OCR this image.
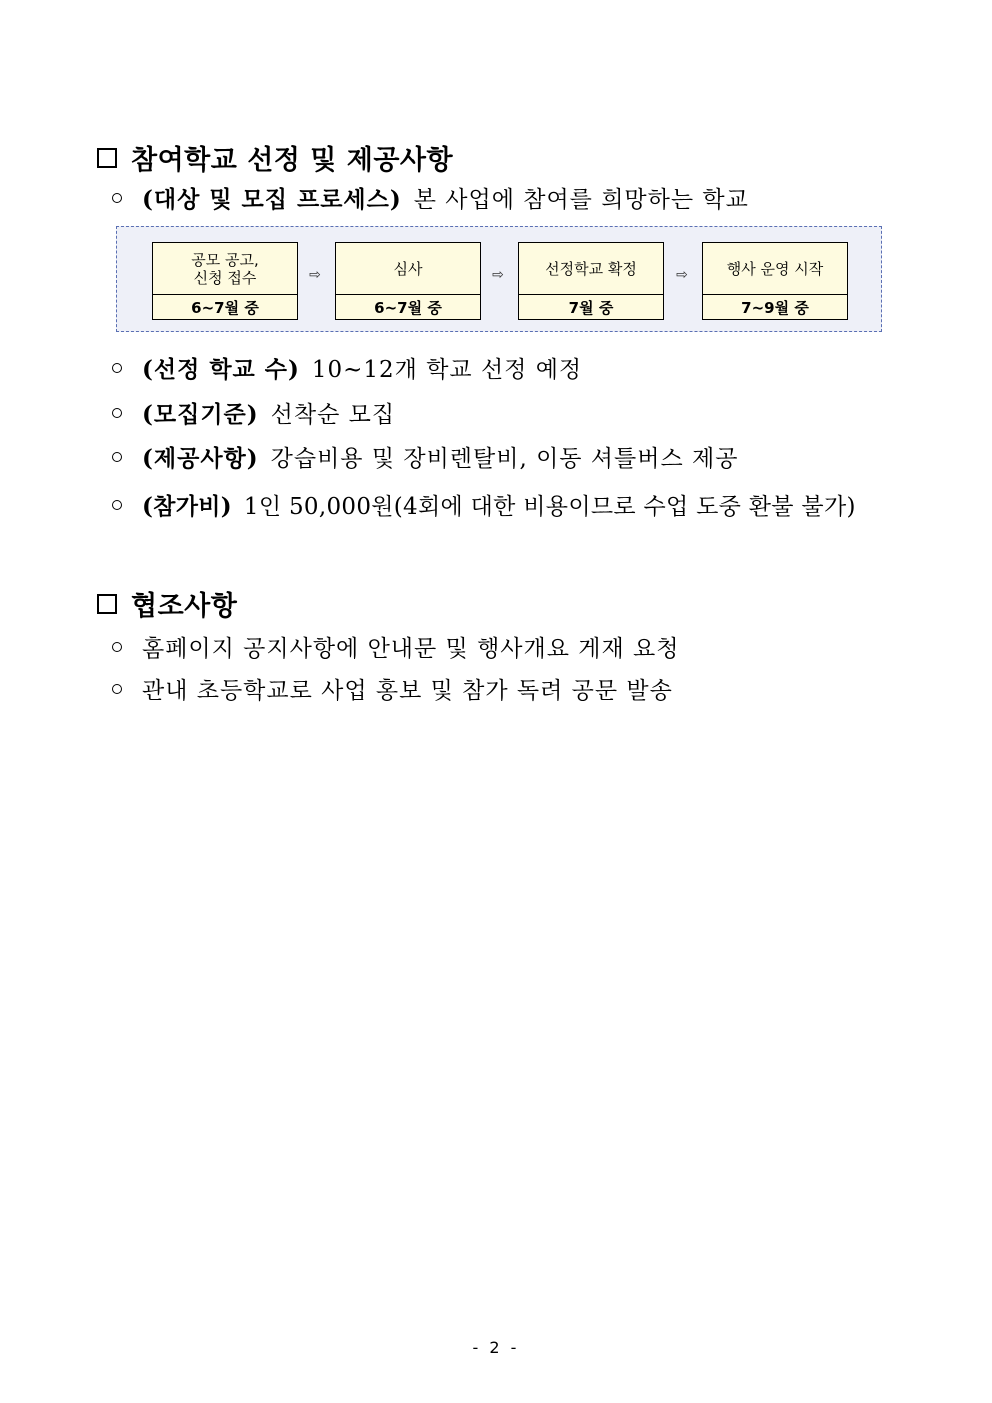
참여학교 선정 및 제공사항
(대상 및 모집 프로세스) 본 사업에 참여를 희망하는 학교
공모 공고,
신청 접수
6~7월 중
⇨	심사
6~7월 중
⇨	선정학교 확정
7월 중
⇨	행사 운영 시작
7~9월 중
(선정 학교 수) 10~12개 학교 선정 예정
(모집기준) 선착순 모집
(제공사항) 강습비용 및 장비렌탈비, 이동 셔틀버스 제공
(참가비) 1인 50,000원(4회에 대한 비용이므로 수업 도중 환불 불가)
협조사항
홈페이지 공지사항에 안내문 및 행사개요 게재 요청
관내 초등학교로 사업 홍보 및 참가 독려 공문 발송
- 2 -
